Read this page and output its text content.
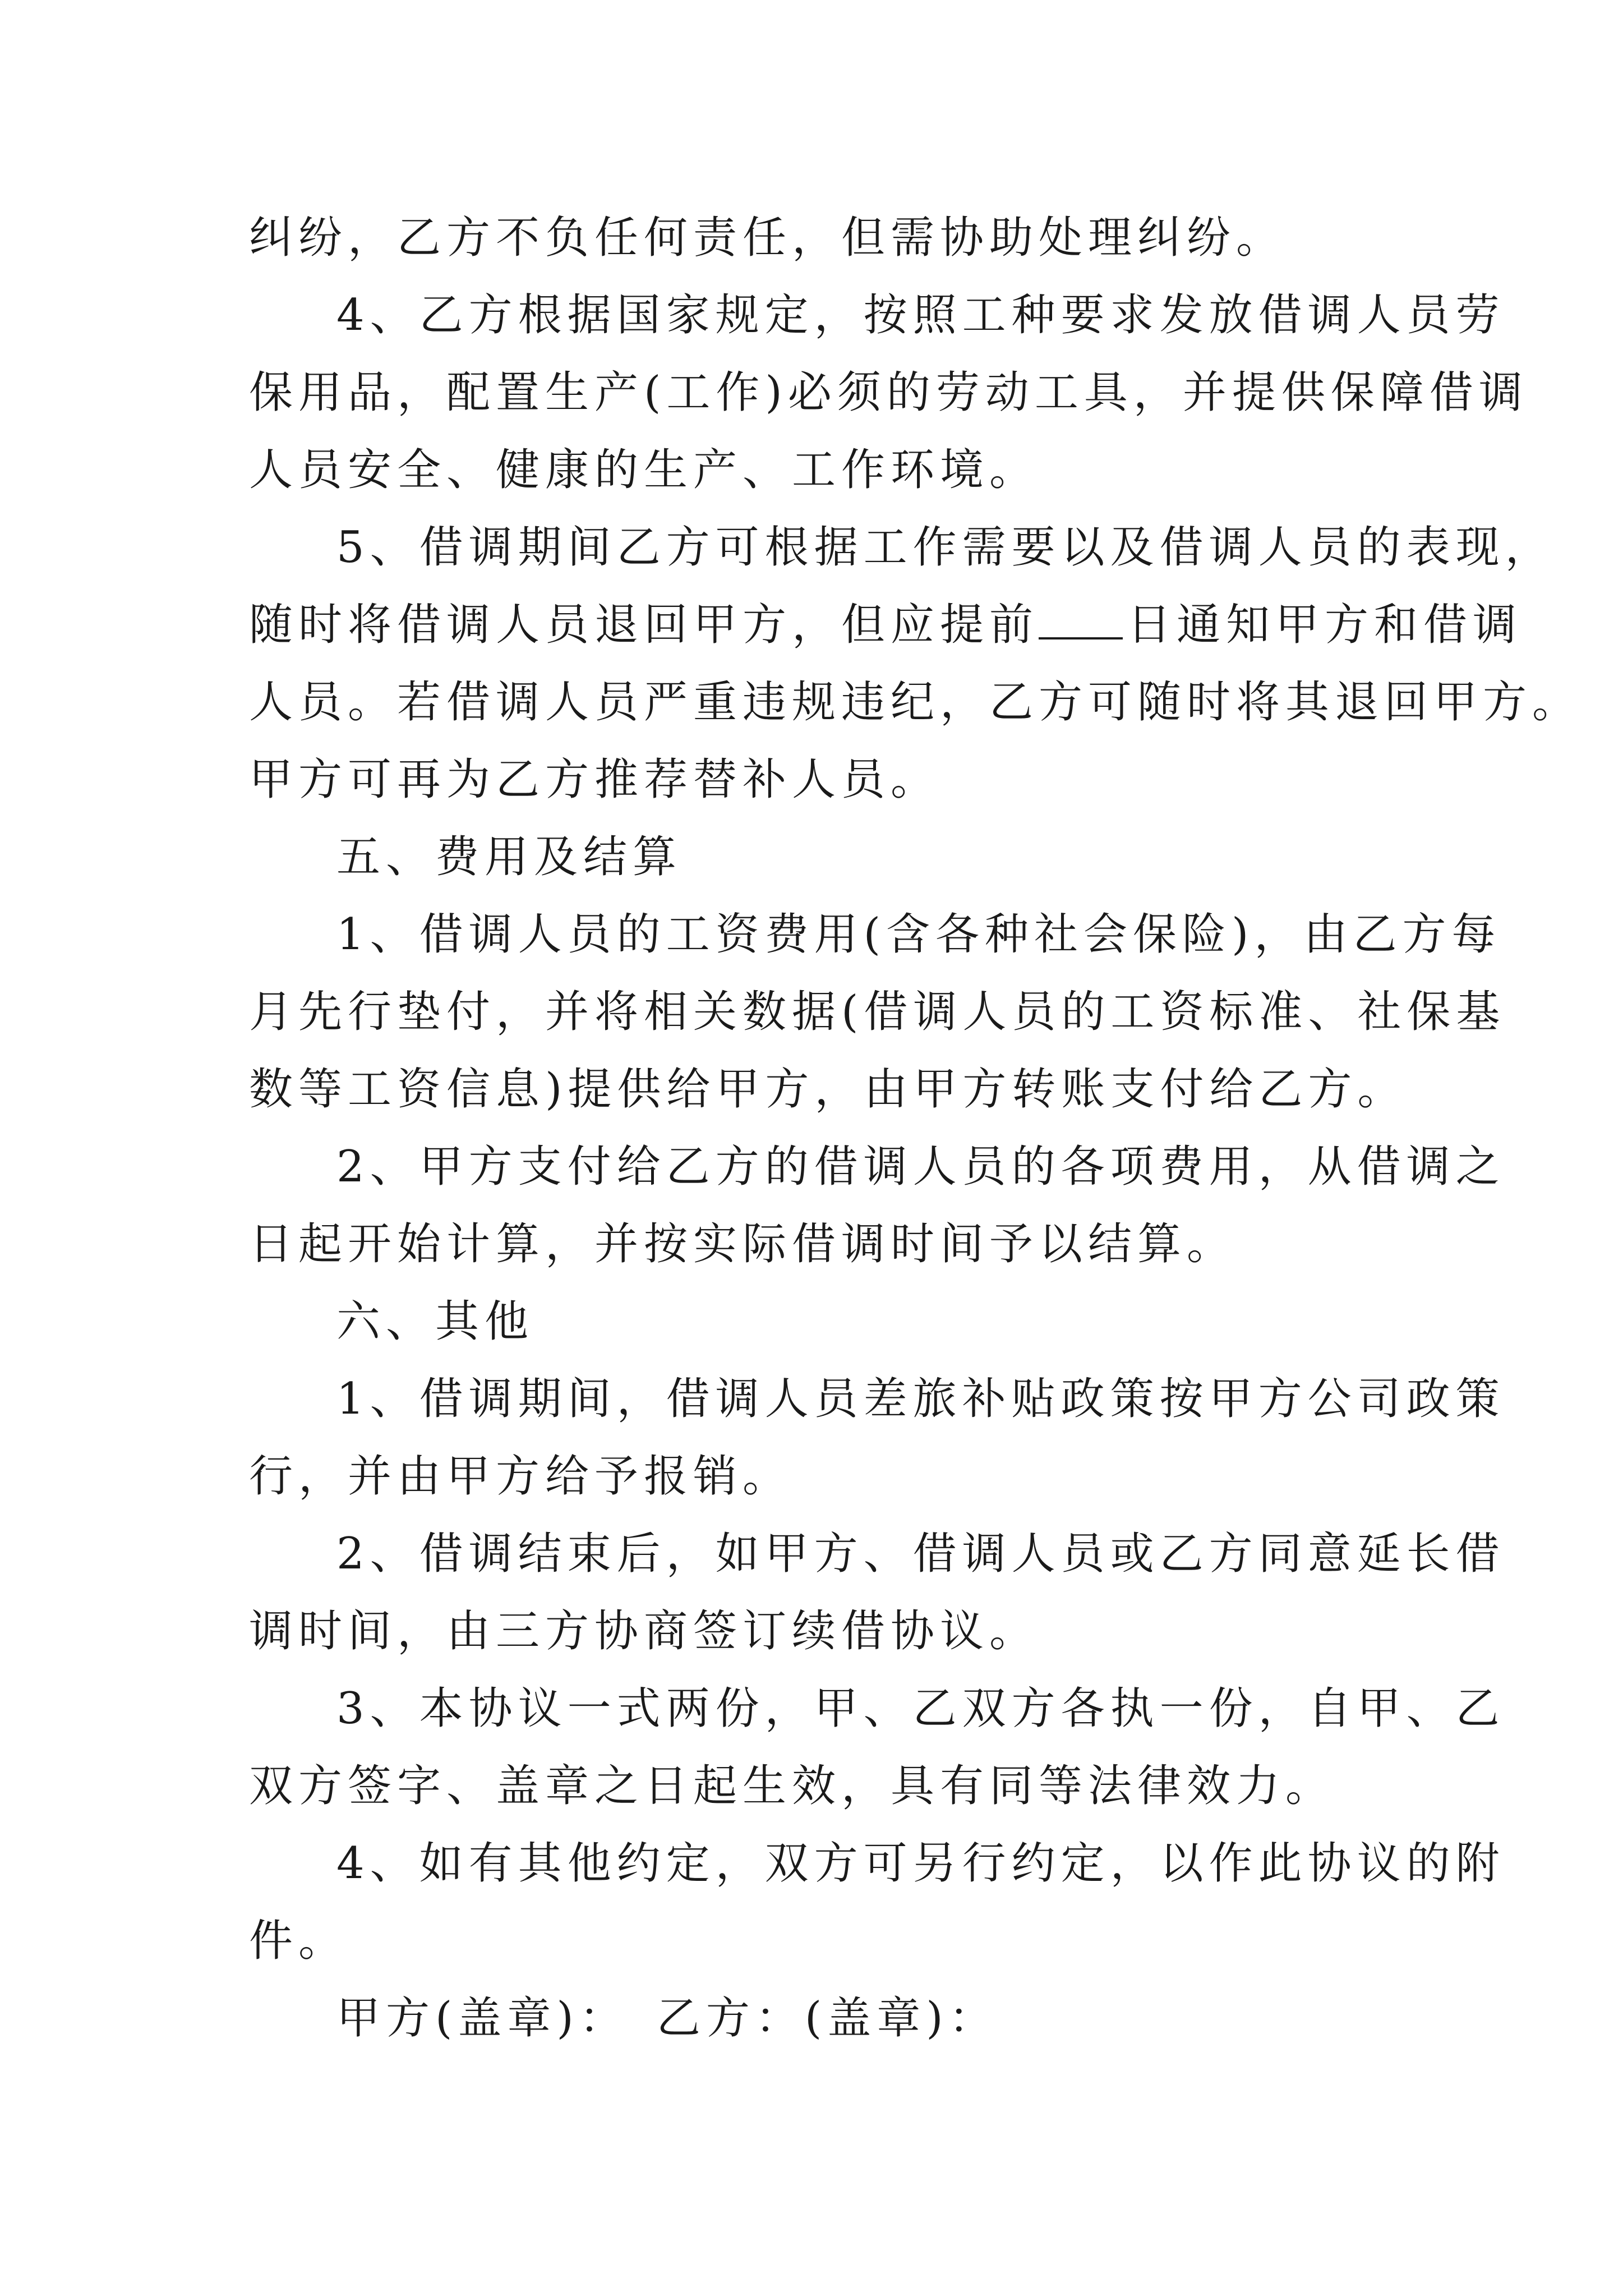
纠纷，乙方不负任何责任，但需协助处理纠纷。
4、乙方根据国家规定，按照工种要求发放借调人员劳
保用品，配置生产(工作)必须的劳动工具，并提供保障借调
人员安全、健康的生产、工作环境。
5、借调期间乙方可根据工作需要以及借调人员的表现，
随时将借调人员退回甲方，但应提前 日通知甲方和借调
人员。若借调人员严重违规违纪，乙方可随时将其退回甲方。
甲方可再为乙方推荐替补人员。
五、费用及结算
1、借调人员的工资费用(含各种社会保险)，由乙方每
月先行垫付，并将相关数据(借调人员的工资标准、社保基
数等工资信息)提供给甲方，由甲方转账支付给乙方。
2、甲方支付给乙方的借调人员的各项费用，从借调之
日起开始计算，并按实际借调时间予以结算。
六、其他
1、借调期间，借调人员差旅补贴政策按甲方公司政策
行，并由甲方给予报销。
2、借调结束后，如甲方、借调人员或乙方同意延长借
调时间，由三方协商签订续借协议。
3、本协议一式两份，甲、乙双方各执一份，自甲、乙
双方签字、盖章之日起生效，具有同等法律效力。
4、如有其他约定，双方可另行约定，以作此协议的附
件。
甲方(盖章)： 乙方：(盖章)：
